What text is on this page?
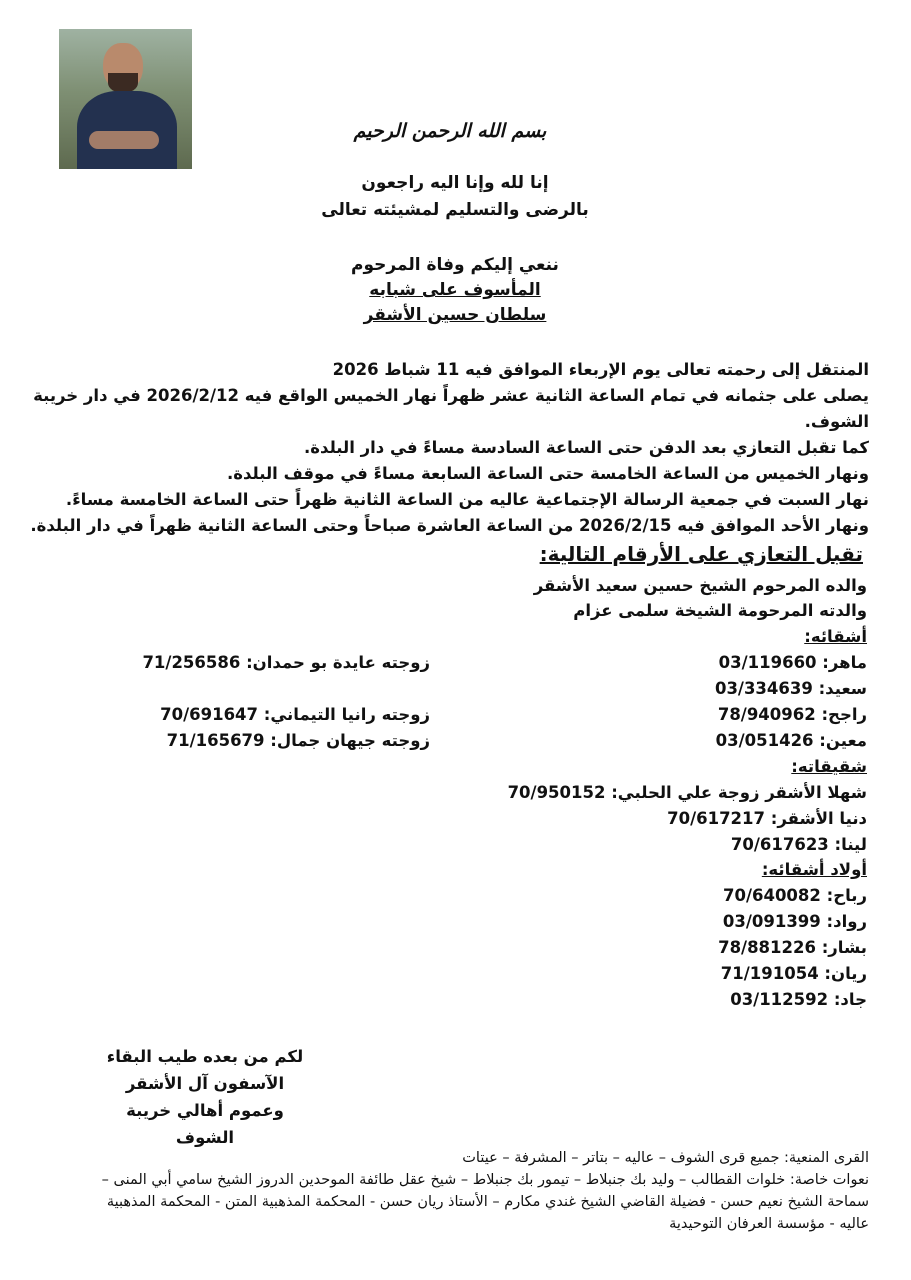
بسم الله الرحمن الرحيم
إنا لله وإنا اليه راجعون
بالرضى والتسليم لمشيئته تعالى
ننعي إليكم وفاة المرحوم
المأسوف على شبابه
سلطان حسين الأشقر
المنتقل إلى رحمته تعالى يوم الإربعاء الموافق فيه 11 شباط 2026
يصلى على جثمانه في تمام الساعة الثانية عشر ظهراً نهار الخميس الواقع فيه 2026/2/12 في دار خريبة الشوف.
كما تقبل التعازي بعد الدفن حتى الساعة السادسة مساءً في دار البلدة.
ونهار الخميس من الساعة الخامسة حتى الساعة السابعة مساءً في موقف البلدة.
نهار السبت في جمعية الرسالة الإجتماعية عاليه من الساعة الثانية ظهراً حتى الساعة الخامسة مساءً.
ونهار الأحد الموافق فيه 2026/2/15 من الساعة العاشرة صباحاً وحتى الساعة الثانية ظهراً في دار البلدة.
تقبل التعازي على الأرقام التالية:
والده المرحوم الشيخ حسين سعيد الأشقر
والدته المرحومة الشيخة سلمى عزام
أشقائه:
ماهر: 03/119660
زوجته عايدة بو حمدان: 71/256586
سعيد: 03/334639
راجح: 78/940962
زوجته رانيا التيماني: 70/691647
معين: 03/051426
زوجته جيهان جمال: 71/165679
شقيقاته:
شهلا الأشقر زوجة علي الحلبي: 70/950152
دنيا الأشقر: 70/617217
لينا: 70/617623
أولاد أشقائه:
رباح: 70/640082
رواد: 03/091399
بشار: 78/881226
ريان: 71/191054
جاد: 03/112592
لكم من بعده طيب البقاء
الآسفون آل الأشقر
وعموم أهالي خريبة الشوف
القرى المنعية: جميع قرى الشوف – عاليه – بتاتر – المشرفة – عيتات
نعوات خاصة: خلوات القطالب – وليد بك جنبلاط – تيمور بك جنبلاط – شيخ عقل طائفة الموحدين الدروز الشيخ سامي أبي المنى –
سماحة الشيخ نعيم حسن - فضيلة القاضي الشيخ غندي مكارم – الأستاذ ريان حسن - المحكمة المذهبية المتن - المحكمة المذهبية
عاليه - مؤسسة العرفان التوحيدية
